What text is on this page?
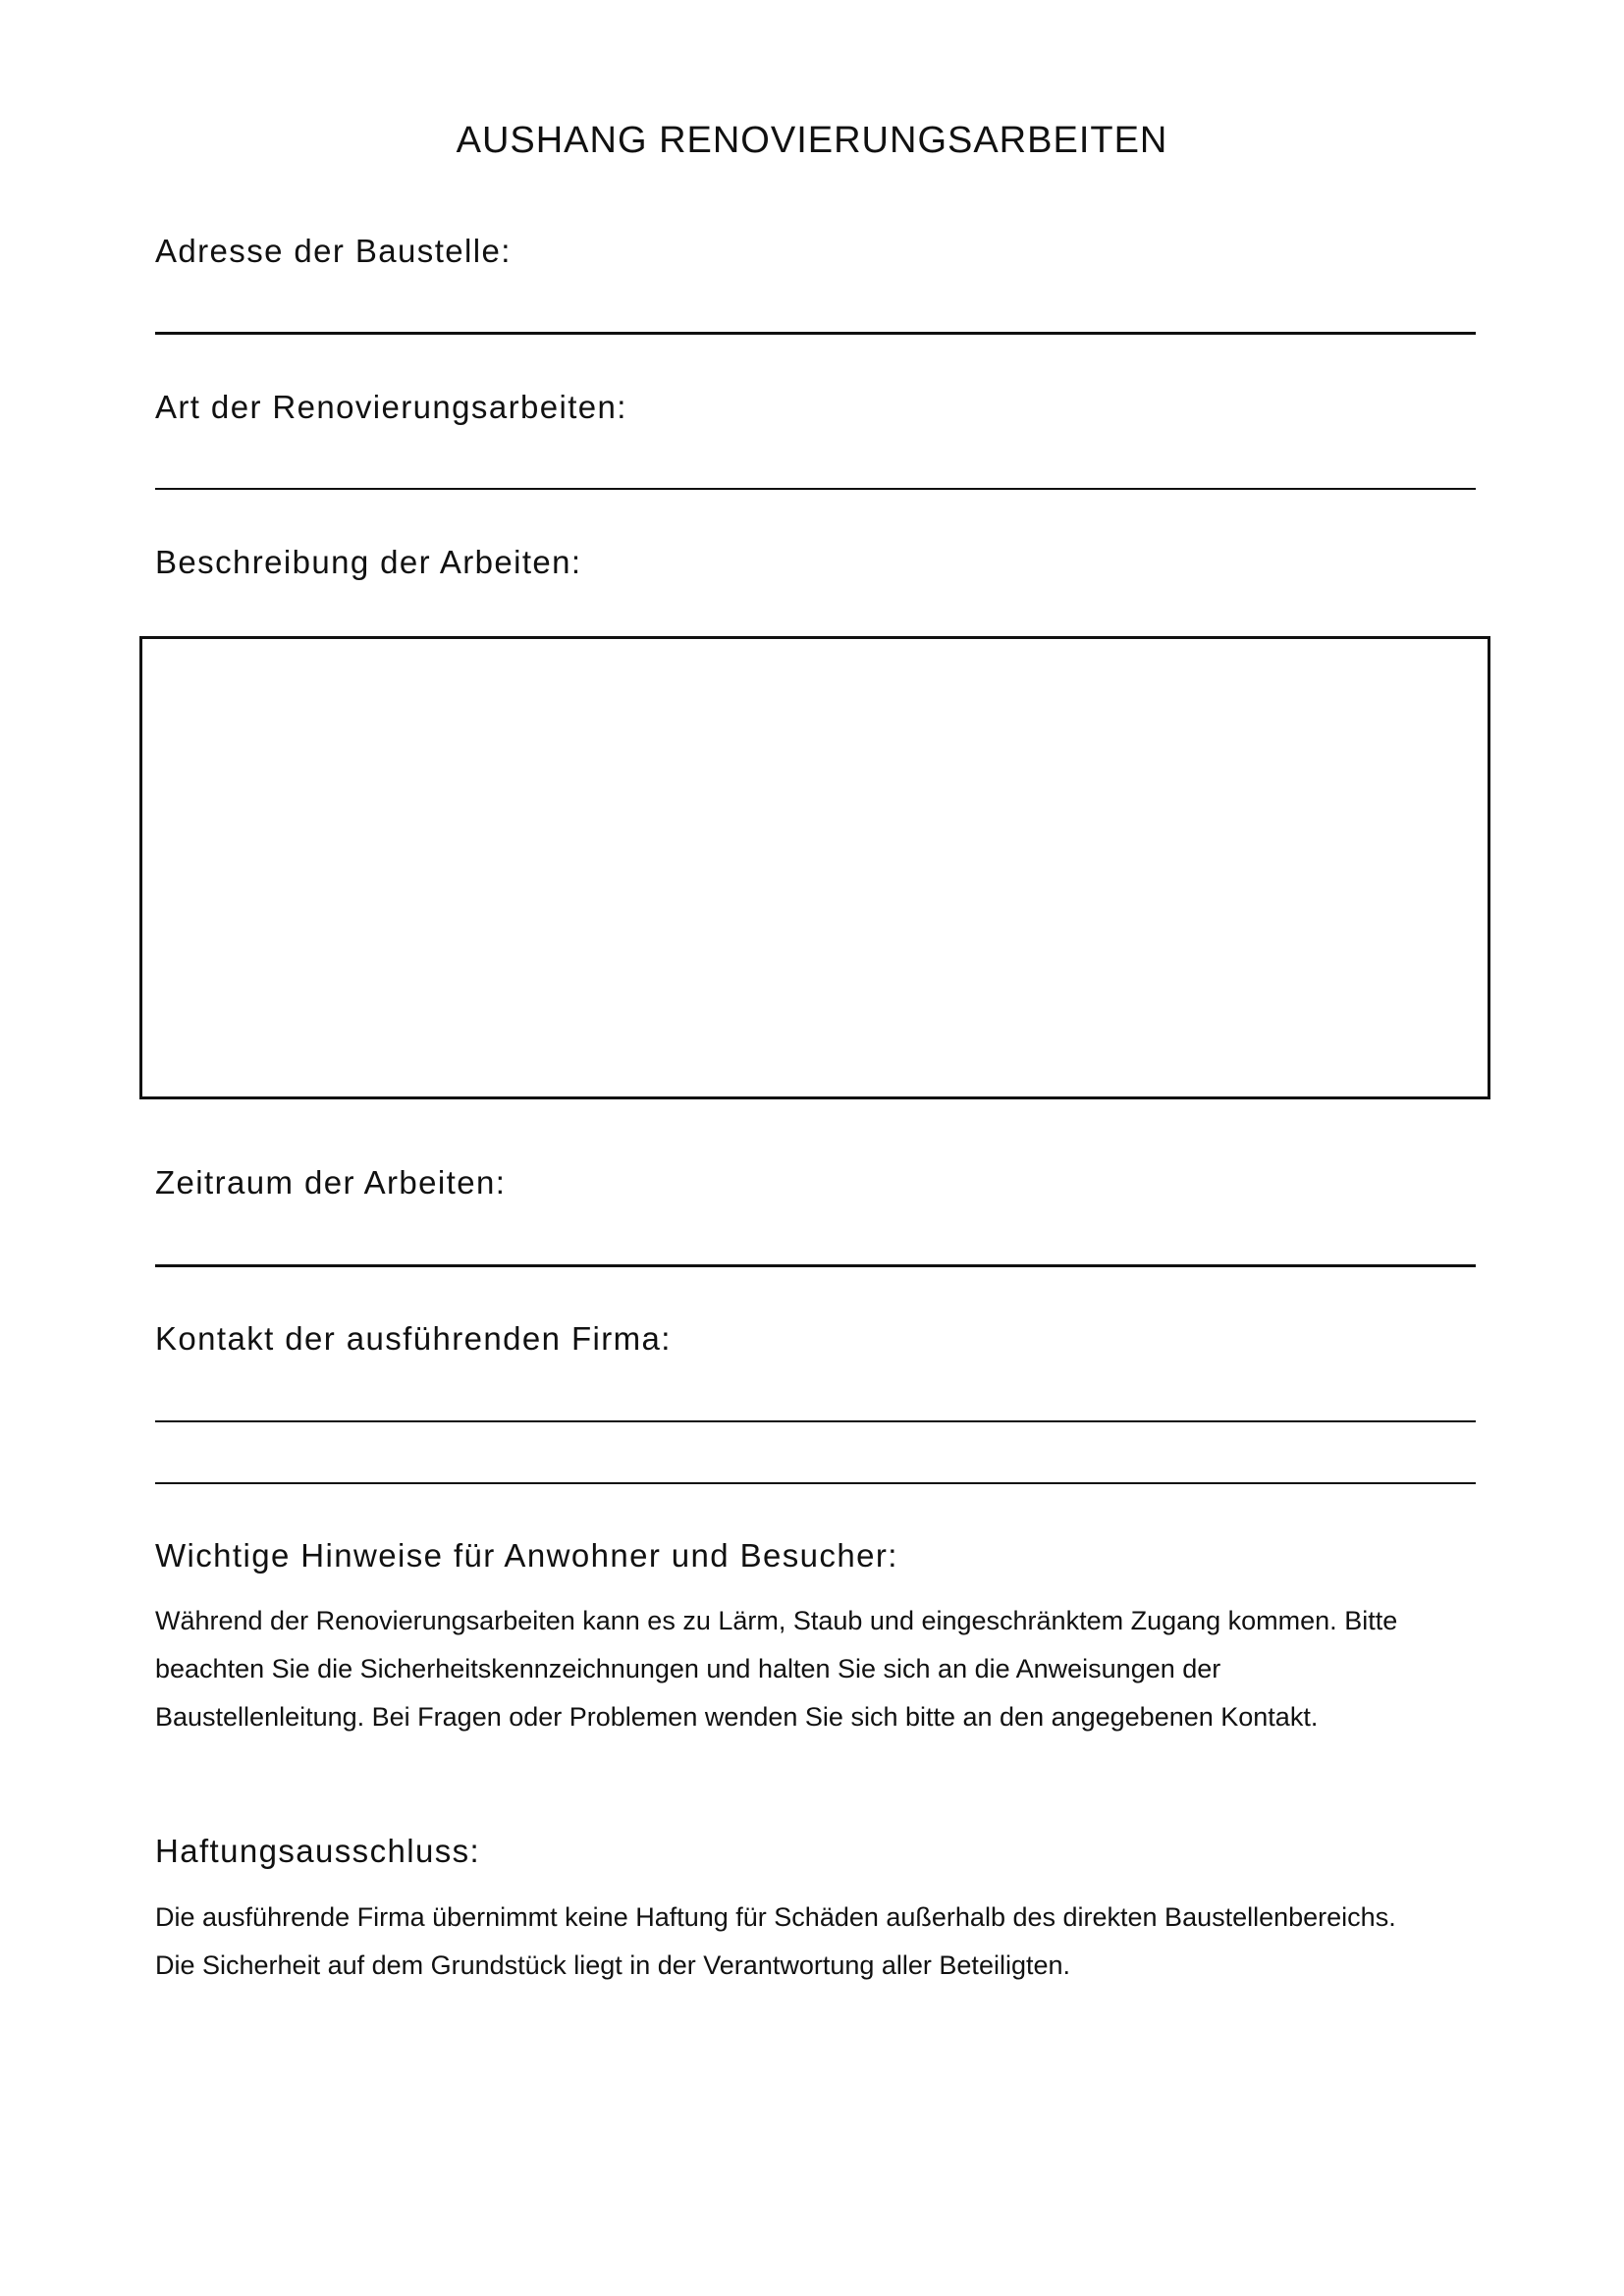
AUSHANG RENOVIERUNGSARBEITEN
Adresse der Baustelle:
Art der Renovierungsarbeiten:
Beschreibung der Arbeiten:
Zeitraum der Arbeiten:
Kontakt der ausführenden Firma:
Wichtige Hinweise für Anwohner und Besucher:
Während der Renovierungsarbeiten kann es zu Lärm, Staub und eingeschränktem Zugang kommen. Bitte
beachten Sie die Sicherheitskennzeichnungen und halten Sie sich an die Anweisungen der
Baustellenleitung. Bei Fragen oder Problemen wenden Sie sich bitte an den angegebenen Kontakt.
Haftungsausschluss:
Die ausführende Firma übernimmt keine Haftung für Schäden außerhalb des direkten Baustellenbereichs.
Die Sicherheit auf dem Grundstück liegt in der Verantwortung aller Beteiligten.
